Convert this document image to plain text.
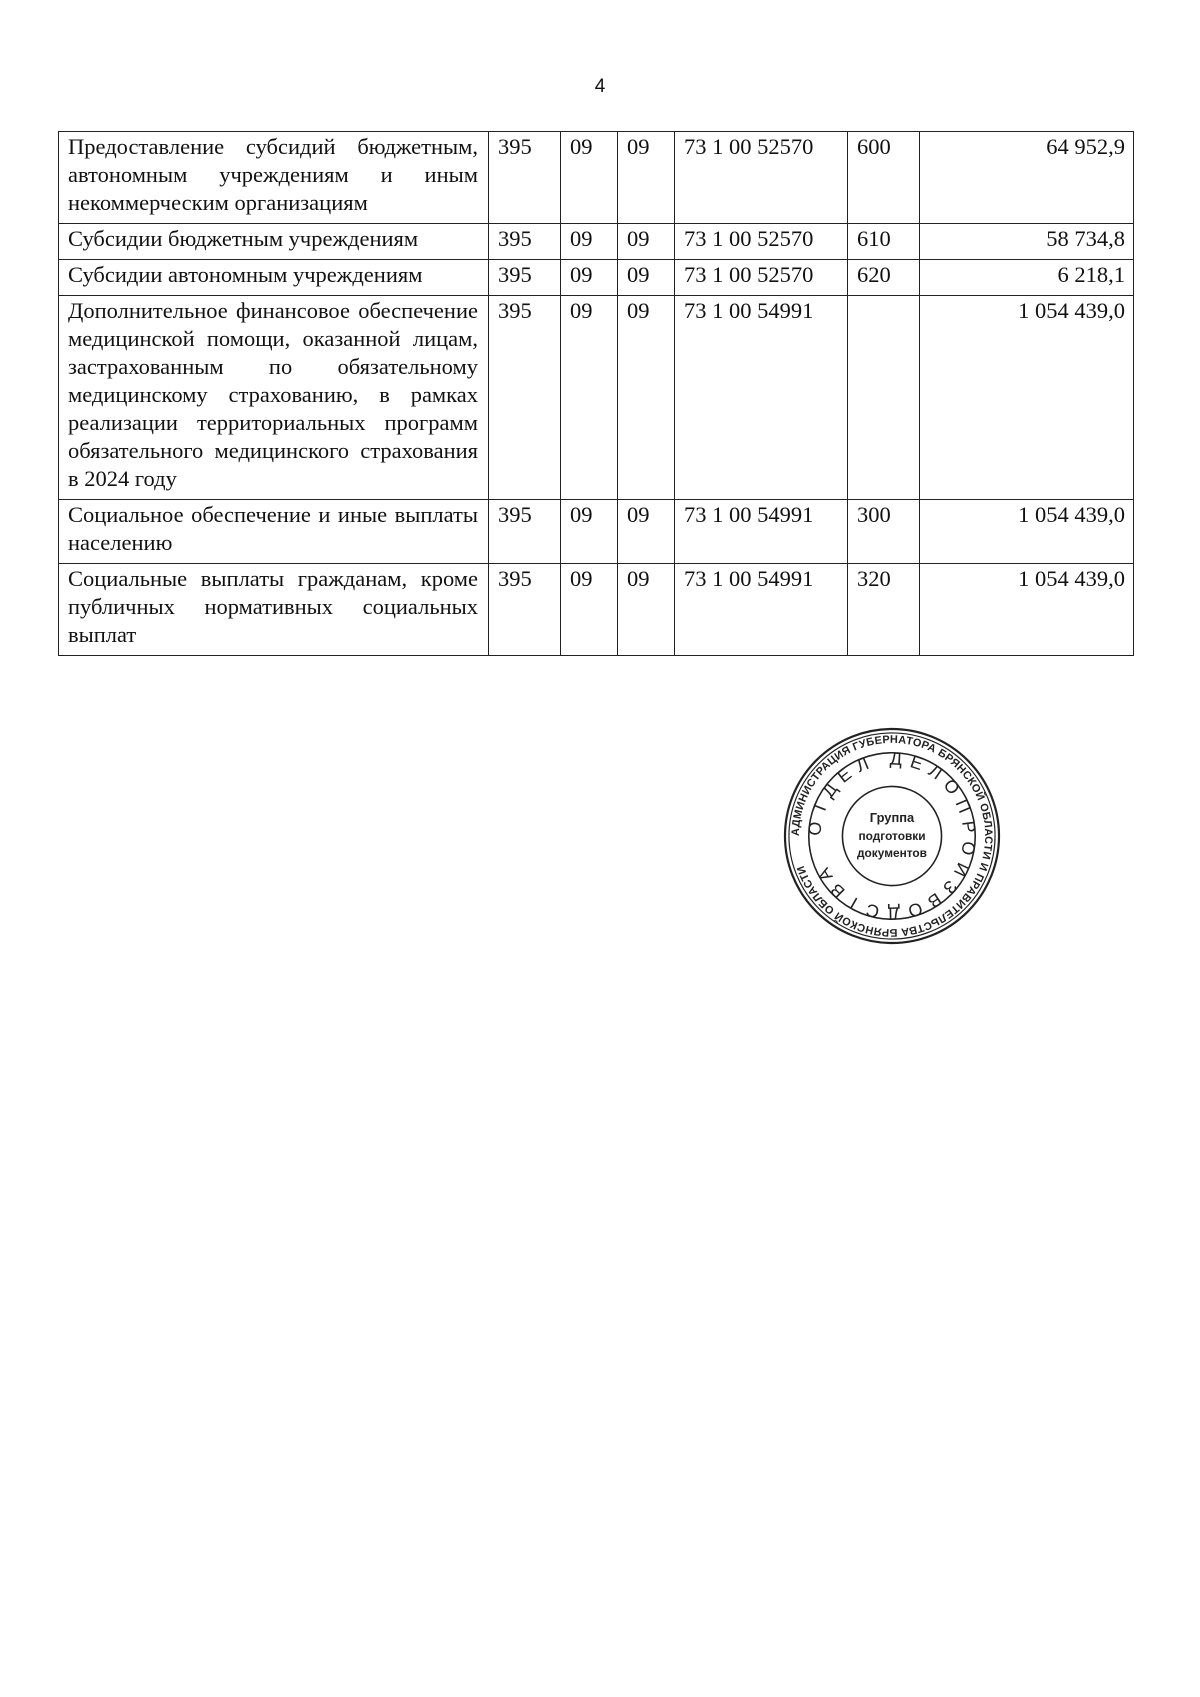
4
Предоставление субсидий бюджетным, автономным учреждениям и иным некоммерческим организациям	395	09	09	73 1 00 52570	600	64 952,9
Субсидии бюджетным учреждениям	395	09	09	73 1 00 52570	610	58 734,8
Субсидии автономным учреждениям	395	09	09	73 1 00 52570	620	6 218,1
Дополнительное финансовое обеспечение медицинской помощи, оказанной лицам, застрахованным по обязательному медицинскому страхованию, в рамках реализации территориальных программ обязательного медицинского страхования в 2024 году	395	09	09	73 1 00 54991		1 054 439,0
Социальное обеспечение и иные выплаты населению	395	09	09	73 1 00 54991	300	1 054 439,0
Социальные выплаты гражданам, кроме публичных нормативных социальных выплат	395	09	09	73 1 00 54991	320	1 054 439,0
АДМИНИСТРАЦИЯ ГУБЕРНАТОРА БРЯНСКОЙ ОБЛАСТИ И ПРАВИТЕЛЬСТВА БРЯНСКОЙ ОБЛАСТИ
ОТДЕЛ ДЕЛОПРОИЗВОДСТВА
Группа
подготовки
документов
